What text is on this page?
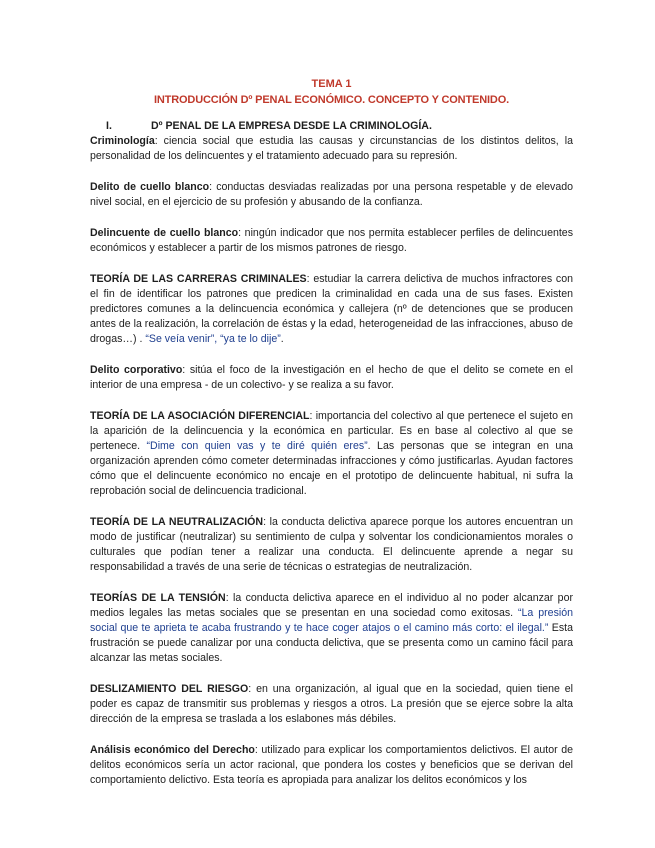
TEMA 1
INTRODUCCIÓN Dº PENAL ECONÓMICO. CONCEPTO Y CONTENIDO.
I.	Dº PENAL DE LA EMPRESA DESDE LA CRIMINOLOGÍA.

Criminología: ciencia social que estudia las causas y circunstancias de los distintos delitos, la personalidad de los delincuentes y el tratamiento adecuado para su represión.

Delito de cuello blanco: conductas desviadas realizadas por una persona respetable y de elevado nivel social, en el ejercicio de su profesión y abusando de la confianza.

Delincuente de cuello blanco: ningún indicador que nos permita establecer perfiles de delincuentes económicos y establecer a partir de los mismos patrones de riesgo.

TEORÍA DE LAS CARRERAS CRIMINALES: estudiar la carrera delictiva de muchos infractores con el fin de identificar los patrones que predicen la criminalidad en cada una de sus fases. Existen predictores comunes a la delincuencia económica y callejera (nº de detenciones que se producen antes de la realización, la correlación de éstas y la edad, heterogeneidad de las infracciones, abuso de drogas…) . “Se veía venir”, “ya te lo dije”.

Delito corporativo: sitúa el foco de la investigación en el hecho de que el delito se comete en el interior de una empresa - de un colectivo- y se realiza a su favor.

TEORÍA DE LA ASOCIACIÓN DIFERENCIAL: importancia del colectivo al que pertenece el sujeto en la aparición de la delincuencia y la económica en particular. Es en base al colectivo al que se pertenece. “Dime con quien vas y te diré quién eres”. Las personas que se integran en una organización aprenden cómo cometer determinadas infracciones y cómo justificarlas. Ayudan factores cómo que el delincuente económico no encaje en el prototipo de delincuente habitual, ni sufra la reprobación social de delincuencia tradicional.

TEORÍA DE LA NEUTRALIZACIÓN: la conducta delictiva aparece porque los autores encuentran un modo de justificar (neutralizar) su sentimiento de culpa y solventar los condicionamientos morales o culturales que podían tener a realizar una conducta. El delincuente aprende a negar su responsabilidad a través de una serie de técnicas o estrategias de neutralización.

TEORÍAS DE LA TENSIÓN: la conducta delictiva aparece en el individuo al no poder alcanzar por medios legales las metas sociales que se presentan en una sociedad como exitosas. “La presión social que te aprieta te acaba frustrando y te hace coger atajos o el camino más corto: el ilegal.” Esta frustración se puede canalizar por una conducta delictiva, que se presenta como un camino fácil para alcanzar las metas sociales.

DESLIZAMIENTO DEL RIESGO: en una organización, al igual que en la sociedad, quien tiene el poder es capaz de transmitir sus problemas y riesgos a otros. La presión que se ejerce sobre la alta dirección de la empresa se traslada a los eslabones más débiles.

Análisis económico del Derecho: utilizado para explicar los comportamientos delictivos. El autor de delitos económicos sería un actor racional, que pondera los costes y beneficios que se derivan del comportamiento delictivo. Esta teoría es apropiada para analizar los delitos económicos y los
